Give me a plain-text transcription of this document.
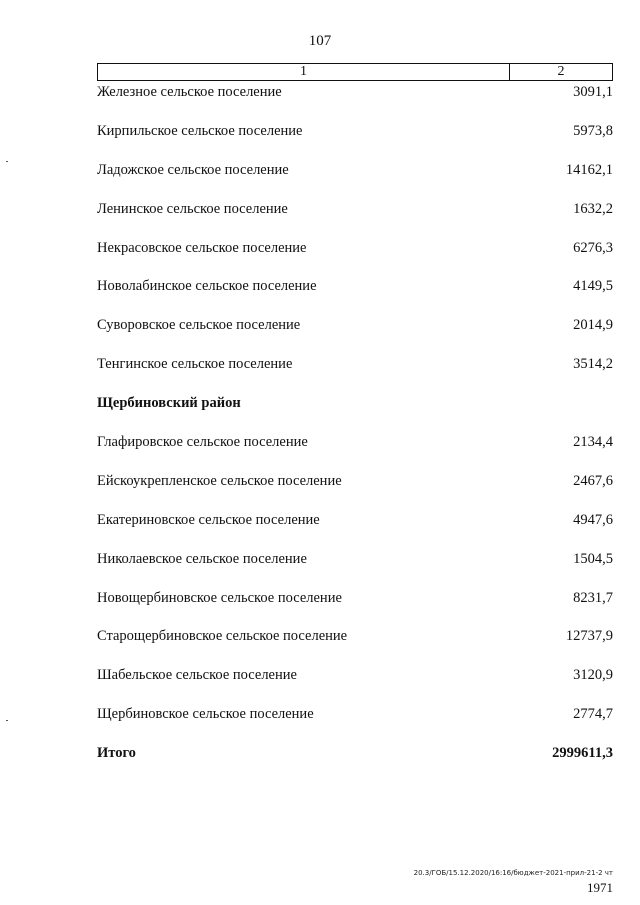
107
1	2
Железное сельское поселение	3091,1
Кирпильское сельское поселение	5973,8
Ладожское сельское поселение	14162,1
Ленинское сельское поселение	1632,2
Некрасовское сельское поселение	6276,3
Новолабинское сельское поселение	4149,5
Суворовское сельское поселение	2014,9
Тенгинское сельское поселение	3514,2
Щербиновский район
Глафировское сельское поселение	2134,4
Ейскоукрепленское сельское поселение	2467,6
Екатериновское сельское поселение	4947,6
Николаевское сельское поселение	1504,5
Новощербиновское сельское поселение	8231,7
Старощербиновское сельское поселение	12737,9
Шабельское сельское поселение	3120,9
Щербиновское сельское поселение	2774,7
Итого	2999611,3
20.3/ГОБ/15.12.2020/16:16/бюджет-2021-прил-21-2 чт
1971
